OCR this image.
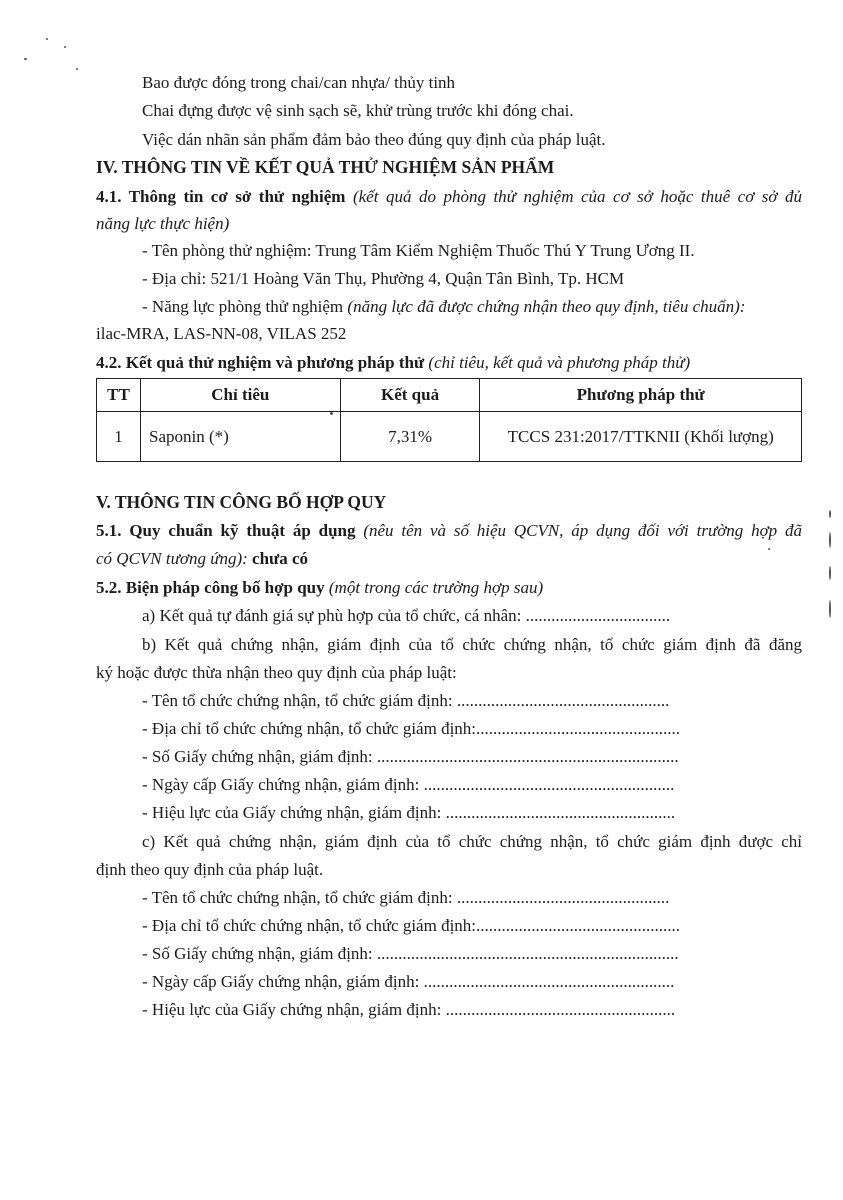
Bao được đóng trong chai/can nhựa/ thủy tinh
Chai đựng được vệ sinh sạch sẽ, khử trùng trước khi đóng chai.
Việc dán nhãn sản phẩm đảm bảo theo đúng quy định của pháp luật.
IV. THÔNG TIN VỀ KẾT QUẢ THỬ NGHIỆM SẢN PHẨM
4.1. Thông tin cơ sở thử nghiệm (kết quả do phòng thử nghiệm của cơ sở hoặc thuê cơ sở đủ
năng lực thực hiện)
- Tên phòng thử nghiệm: Trung Tâm Kiểm Nghiệm Thuốc Thú Y Trung Ương II.
- Địa chỉ: 521/1 Hoàng Văn Thụ, Phường 4, Quận Tân Bình, Tp. HCM
- Năng lực phòng thử nghiệm (năng lực đã được chứng nhận theo quy định, tiêu chuẩn):
ilac-MRA, LAS-NN-08, VILAS 252
4.2. Kết quả thử nghiệm và phương pháp thử (chỉ tiêu, kết quả và phương pháp thử)
TT	Chỉ tiêu	Kết quả	Phương pháp thử
1	Saponin (*)	7,31%	TCCS 231:2017/TTKNII (Khối lượng)
V. THÔNG TIN CÔNG BỐ HỢP QUY
5.1. Quy chuẩn kỹ thuật áp dụng (nêu tên và số hiệu QCVN, áp dụng đối với trường hợp đã
có QCVN tương ứng): chưa có
5.2. Biện pháp công bố hợp quy (một trong các trường hợp sau)
a) Kết quả tự đánh giá sự phù hợp của tổ chức, cá nhân: ..................................
b) Kết quả chứng nhận, giám định của tổ chức chứng nhận, tổ chức giám định đã đăng
ký hoặc được thừa nhận theo quy định của pháp luật:
- Tên tổ chức chứng nhận, tổ chức giám định: ..................................................
- Địa chỉ tổ chức chứng nhận, tổ chức giám định:................................................
- Số Giấy chứng nhận, giám định: .......................................................................
- Ngày cấp Giấy chứng nhận, giám định: ...........................................................
- Hiệu lực của Giấy chứng nhận, giám định: ......................................................
c) Kết quả chứng nhận, giám định của tổ chức chứng nhận, tổ chức giám định được chỉ
định theo quy định của pháp luật.
- Tên tổ chức chứng nhận, tổ chức giám định: ..................................................
- Địa chỉ tổ chức chứng nhận, tổ chức giám định:................................................
- Số Giấy chứng nhận, giám định: .......................................................................
- Ngày cấp Giấy chứng nhận, giám định: ...........................................................
- Hiệu lực của Giấy chứng nhận, giám định: ......................................................
